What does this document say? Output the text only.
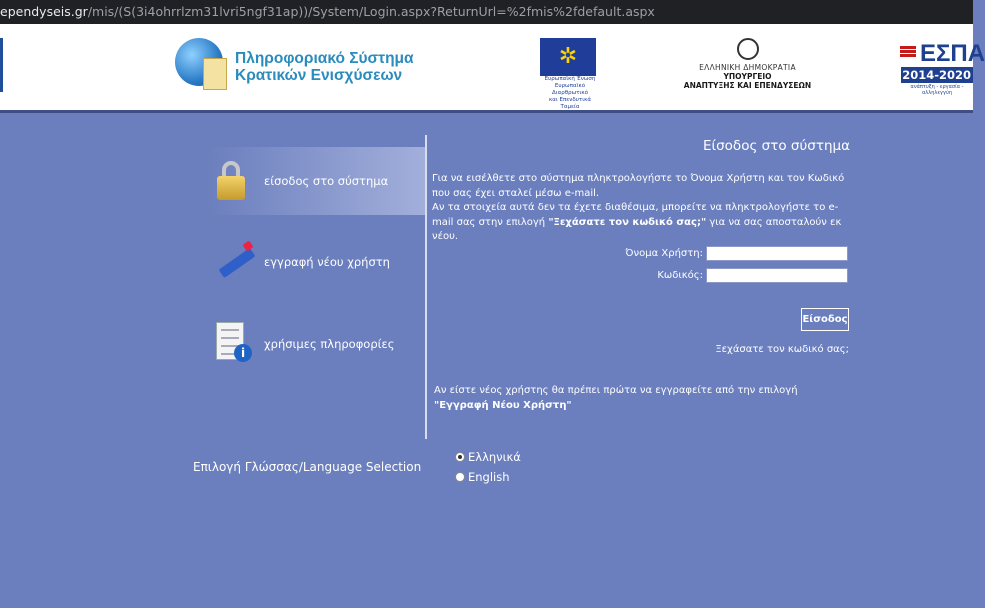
ependyseis.gr/mis/(S(3i4ohrrlzm31lvri5ngf31ap))/System/Login.aspx?ReturnUrl=%2fmis%2fdefault.aspx
Πληροφοριακό Σύστημα
Κρατικών Ενισχύσεων
✲
Ευρωπαϊκή Ένωση
Ευρωπαϊκό Διαρθρωτικό
και Επενδυτικά Ταμεία
ΕΛΛΗΝΙΚΗ ΔΗΜΟΚΡΑΤΙΑ
ΥΠΟΥΡΓΕΙΟ
ΑΝΑΠΤΥΞΗΣ ΚΑΙ ΕΠΕΝΔΥΣΕΩΝ
ΕΣΠΑ
2014-2020
ανάπτυξη - εργασία - αλληλεγγύη
είσοδος στο σύστημα
εγγραφή νέου χρήστη
i
χρήσιμες πληροφορίες
Είσοδος στο σύστημα
Για να εισέλθετε στο σύστημα πληκτρολογήστε το Όνομα Χρήστη και τον Κωδικό που σας έχει σταλεί μέσω e-mail.
Αν τα στοιχεία αυτά δεν τα έχετε διαθέσιμα, μπορείτε να πληκτρολογήστε το e-mail σας στην επιλογή "Ξεχάσατε τον κωδικό σας;" για να σας αποσταλούν εκ νέου.
Όνομα Χρήστη:
Κωδικός:
Είσοδος
Ξεχάσατε τον κωδικό σας;
Αν είστε νέος χρήστης θα πρέπει πρώτα να εγγραφείτε από την επιλογή "Εγγραφή Νέου Χρήστη"
Επιλογή Γλώσσας/Language Selection
Ελληνικά
English
